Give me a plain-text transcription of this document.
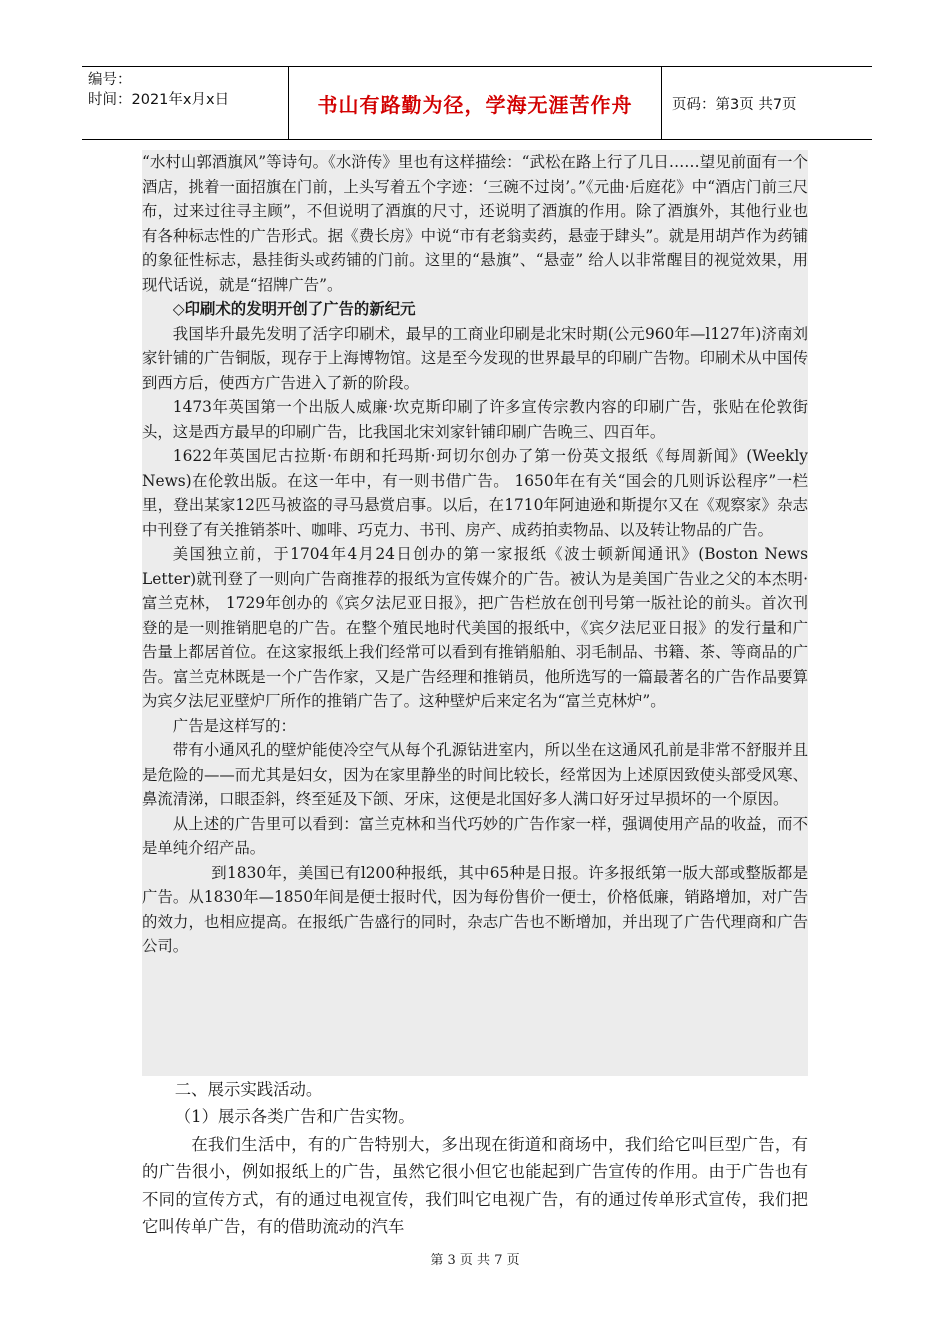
编号：
时间：2021年x月x日	书山有路勤为径，学海无涯苦作舟	页码：第3页 共7页

“水村山郭酒旗风”等诗句。《水浒传》里也有这样描绘：“武松在路上行了几日……望见前面有一个酒店，挑着一面招旗在门前，上头写着五个字迹：‘三碗不过岗’。”《元曲·后庭花》中“酒店门前三尺布，过来过往寻主顾”，不但说明了酒旗的尺寸，还说明了酒旗的作用。除了酒旗外，其他行业也有各种标志性的广告形式。据《费长房》中说“市有老翁卖药，悬壶于肆头”。就是用胡芦作为药铺的象征性标志，悬挂街头或药铺的门前。这里的“悬旗”、“悬壶” 给人以非常醒目的视觉效果，用现代话说，就是“招牌广告”。

◇印刷术的发明开创了广告的新纪元

我国毕升最先发明了活字印刷术，最早的工商业印刷是北宋时期(公元960年—l127年)济南刘家针铺的广告铜版，现存于上海博物馆。这是至今发现的世界最早的印刷广告物。印刷术从中国传到西方后，使西方广告进入了新的阶段。

1473年英国第一个出版人威廉·坎克斯印刷了许多宣传宗教内容的印刷广告，张贴在伦敦街头，这是西方最早的印刷广告，比我国北宋刘家针铺印刷广告晚三、四百年。

1622年英国尼古拉斯·布朗和托玛斯·珂切尔创办了第一份英文报纸《每周新闻》(Weekly News)在伦敦出版。在这一年中，有一则书借广告。 1650年在有关“国会的几则诉讼程序”一栏里，登出某家12匹马被盗的寻马悬赏启事。以后，在1710年阿迪逊和斯提尔又在《观察家》杂志中刊登了有关推销茶叶、咖啡、巧克力、书刊、房产、成药拍卖物品、以及转让物品的广告。

美国独立前，于1704年4月24日创办的第一家报纸《波士顿新闻通讯》(Boston News Letter)就刊登了一则向广告商推荐的报纸为宣传媒介的广告。被认为是美国广告业之父的本杰明·富兰克林， 1729年创办的《宾夕法尼亚日报》，把广告栏放在创刊号第一版社论的前头。首次刊登的是一则推销肥皂的广告。在整个殖民地时代美国的报纸中，《宾夕法尼亚日报》的发行量和广告量上都居首位。在这家报纸上我们经常可以看到有推销船舶、羽毛制品、书籍、茶、等商品的广告。富兰克林既是一个广告作家，又是广告经理和推销员，他所选写的一篇最著名的广告作品要算为宾夕法尼亚壁炉厂所作的推销广告了。这种壁炉后来定名为“富兰克林炉”。

广告是这样写的：

带有小通风孔的壁炉能使冷空气从每个孔源钻进室内，所以坐在这通风孔前是非常不舒服并且是危险的——而尤其是妇女，因为在家里静坐的时间比较长，经常因为上述原因致使头部受风寒、鼻流清涕，口眼歪斜，终至延及下颌、牙床，这便是北国好多人满口好牙过早损坏的一个原因。

从上述的广告里可以看到：富兰克林和当代巧妙的广告作家一样，强调使用产品的收益，而不是单纯介绍产品。

到1830年，美国已有l200种报纸，其中65种是日报。许多报纸第一版大部或整版都是广告。从1830年—1850年间是便士报时代，因为每份售价一便士，价格低廉，销路增加，对广告的效力，也相应提高。在报纸广告盛行的同时，杂志广告也不断增加，并出现了广告代理商和广告公司。

二、展示实践活动。

（1）展示各类广告和广告实物。

在我们生活中，有的广告特别大，多出现在街道和商场中，我们给它叫巨型广告，有的广告很小，例如报纸上的广告，虽然它很小但它也能起到广告宣传的作用。由于广告也有不同的宣传方式，有的通过电视宣传，我们叫它电视广告，有的通过传单形式宣传，我们把它叫传单广告，有的借助流动的汽车

第 3 页 共 7 页
